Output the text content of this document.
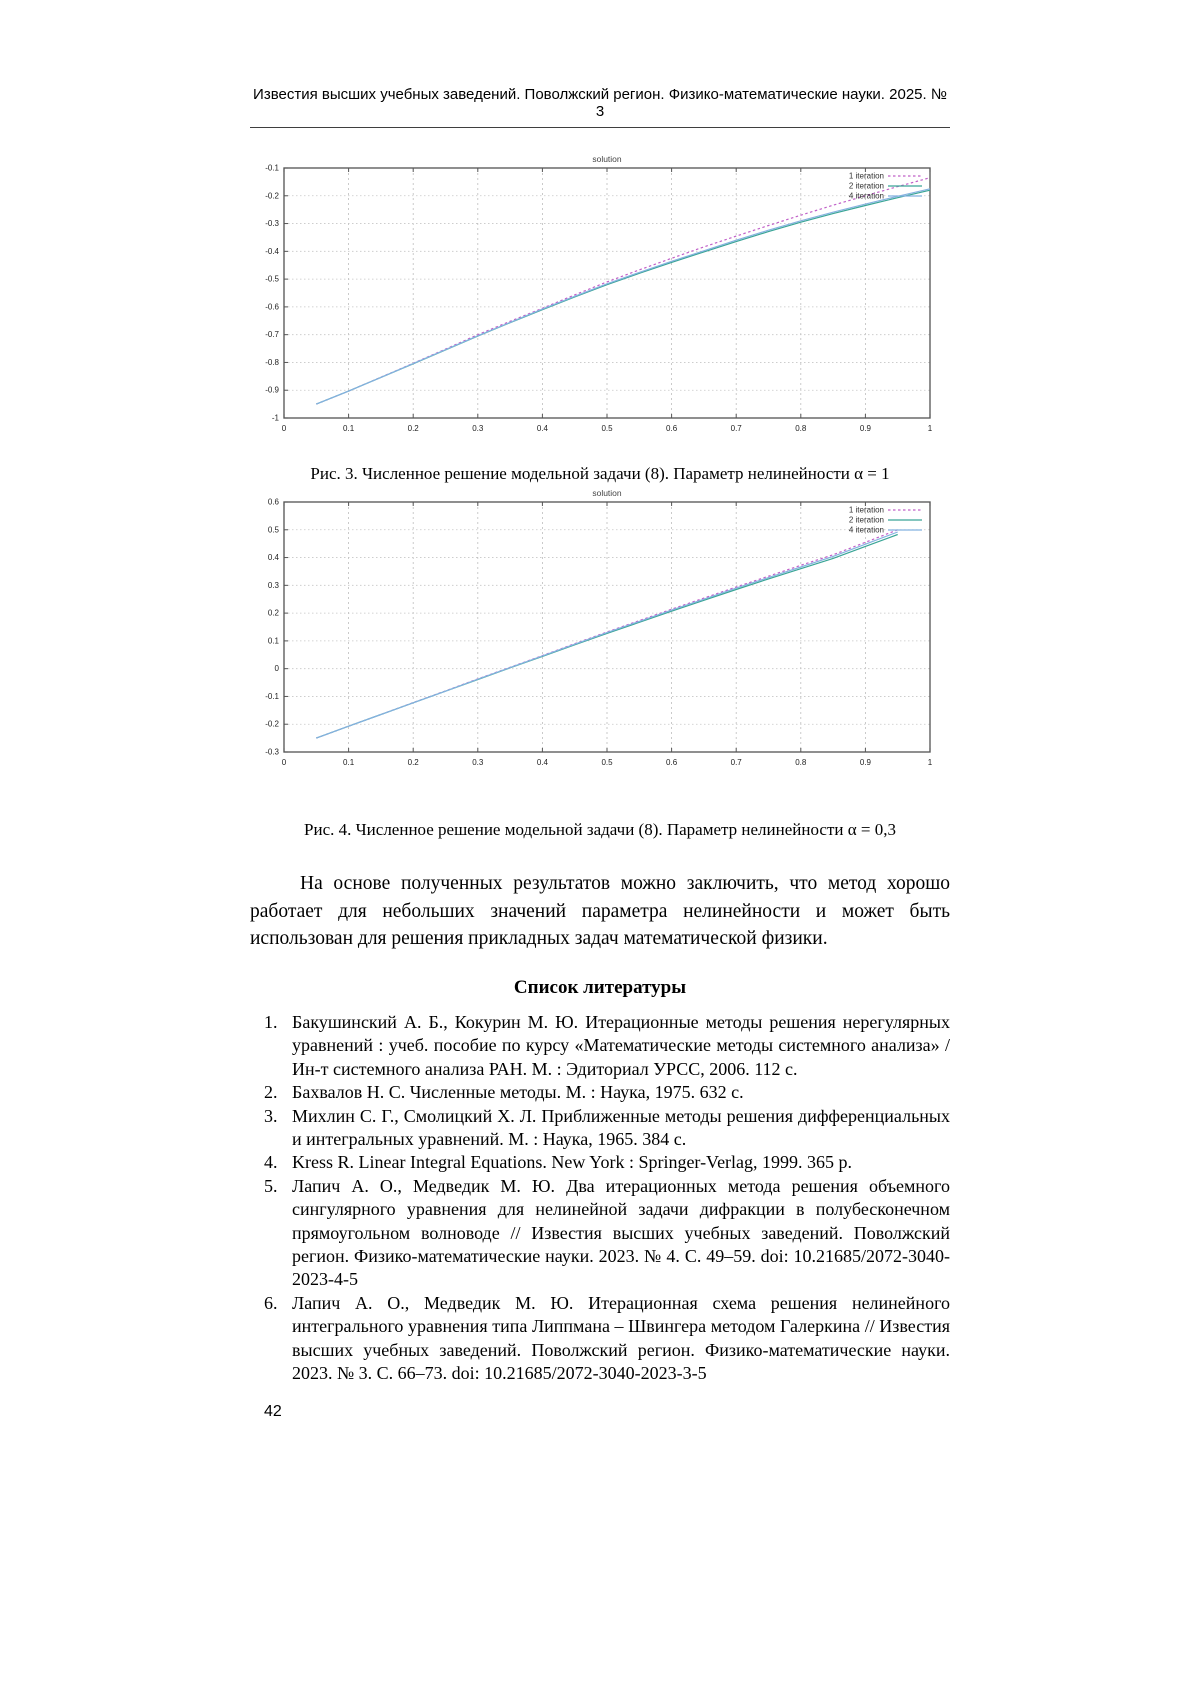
Известия высших учебных заведений. Поволжский регион. Физико-математические науки. 2025. № 3
0	0.1	0.2	0.3	0.4	0.5	0.6	0.7	0.8	0.9	1
-0.1
-0.2
-0.3
-0.4
-0.5
-0.6
-0.7
-0.8
-0.9
-1
solution
1 iteration
2 iteration
4 iteration
Рис. 3. Численное решение модельной задачи (8). Параметр нелинейности α = 1
0	0.1	0.2	0.3	0.4	0.5	0.6	0.7	0.8	0.9	1
0.6
0.5
0.4
0.3
0.2
0.1
0
-0.1
-0.2
-0.3
solution
1 iteration
2 iteration
4 iteration
Рис. 4. Численное решение модельной задачи (8). Параметр нелинейности α = 0,3

На основе полученных результатов можно заключить, что метод хорошо работает для небольших значений параметра нелинейности и может быть использован для решения прикладных задач математической физики.

Список литературы
Бакушинский А. Б., Кокурин М. Ю. Итерационные методы решения нерегулярных уравнений : учеб. пособие по курсу «Математические методы системного анализа» / Ин-т системного анализа РАН. М. : Эдиториал УРСС, 2006. 112 с.
Бахвалов Н. С. Численные методы. М. : Наука, 1975. 632 с.
Михлин С. Г., Смолицкий Х. Л. Приближенные методы решения дифференциальных и интегральных уравнений. М. : Наука, 1965. 384 с.
Kress R. Linear Integral Equations. New York : Springer-Verlag, 1999. 365 p.
Лапич А. О., Медведик М. Ю. Два итерационных метода решения объемного сингулярного уравнения для нелинейной задачи дифракции в полубесконечном прямоугольном волноводе // Известия высших учебных заведений. Поволжский регион. Физико-математические науки. 2023. № 4. С. 49–59. doi: 10.21685/2072-3040-2023-4-5
Лапич А. О., Медведик М. Ю. Итерационная схема решения нелинейного интегрального уравнения типа Липпмана – Швингера методом Галеркина // Известия высших учебных заведений. Поволжский регион. Физико-математические науки. 2023. № 3. С. 66–73. doi: 10.21685/2072-3040-2023-3-5
42
